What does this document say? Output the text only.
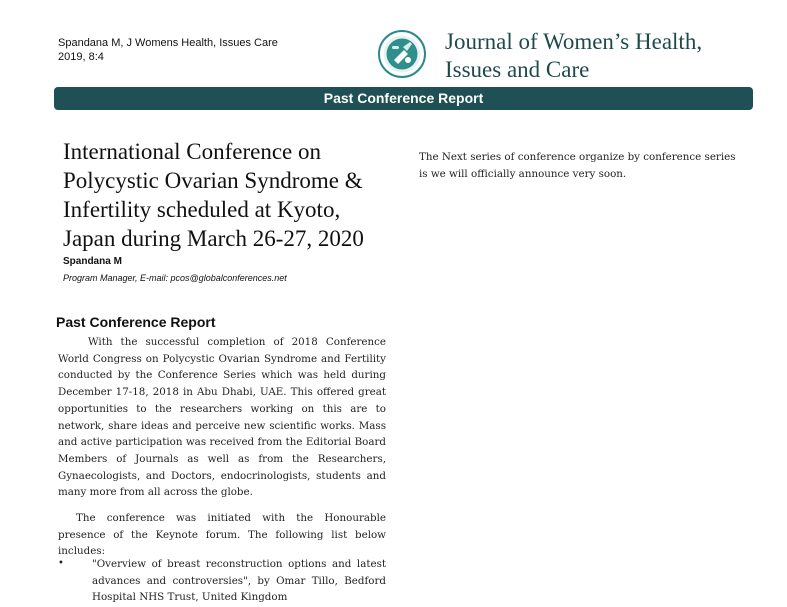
Spandana M, J Womens Health, Issues Care
2019, 8:4
Journal of Women’s Health,
Issues and Care
Past Conference Report
International Conference on Polycystic Ovarian Syndrome & Infertility scheduled at Kyoto, Japan during March 26-27, 2020
Spandana M
Program Manager, E-mail: pcos@globalconferences.net
Past Conference Report

With the successful completion of 2018 Conference World Congress on Polycystic Ovarian Syndrome and Fertility conducted by the Conference Series which was held during December 17-18, 2018 in Abu Dhabi, UAE. This offered great opportunities to the researchers working on this are to network, share ideas and perceive new scientific works. Mass and active participation was received from the Editorial Board Members of Journals as well as from the Researchers, Gynaecologists, and Doctors, endocrinologists, students and many more from all across the globe.

The conference was initiated with the Honourable presence of the Keynote forum. The following list below includes:

•	"Overview of breast reconstruction options and latest advances and controversies", by Omar Tillo, Bedford Hospital NHS Trust, United Kingdom

The Next series of conference organize by conference series is we will officially announce very soon.
